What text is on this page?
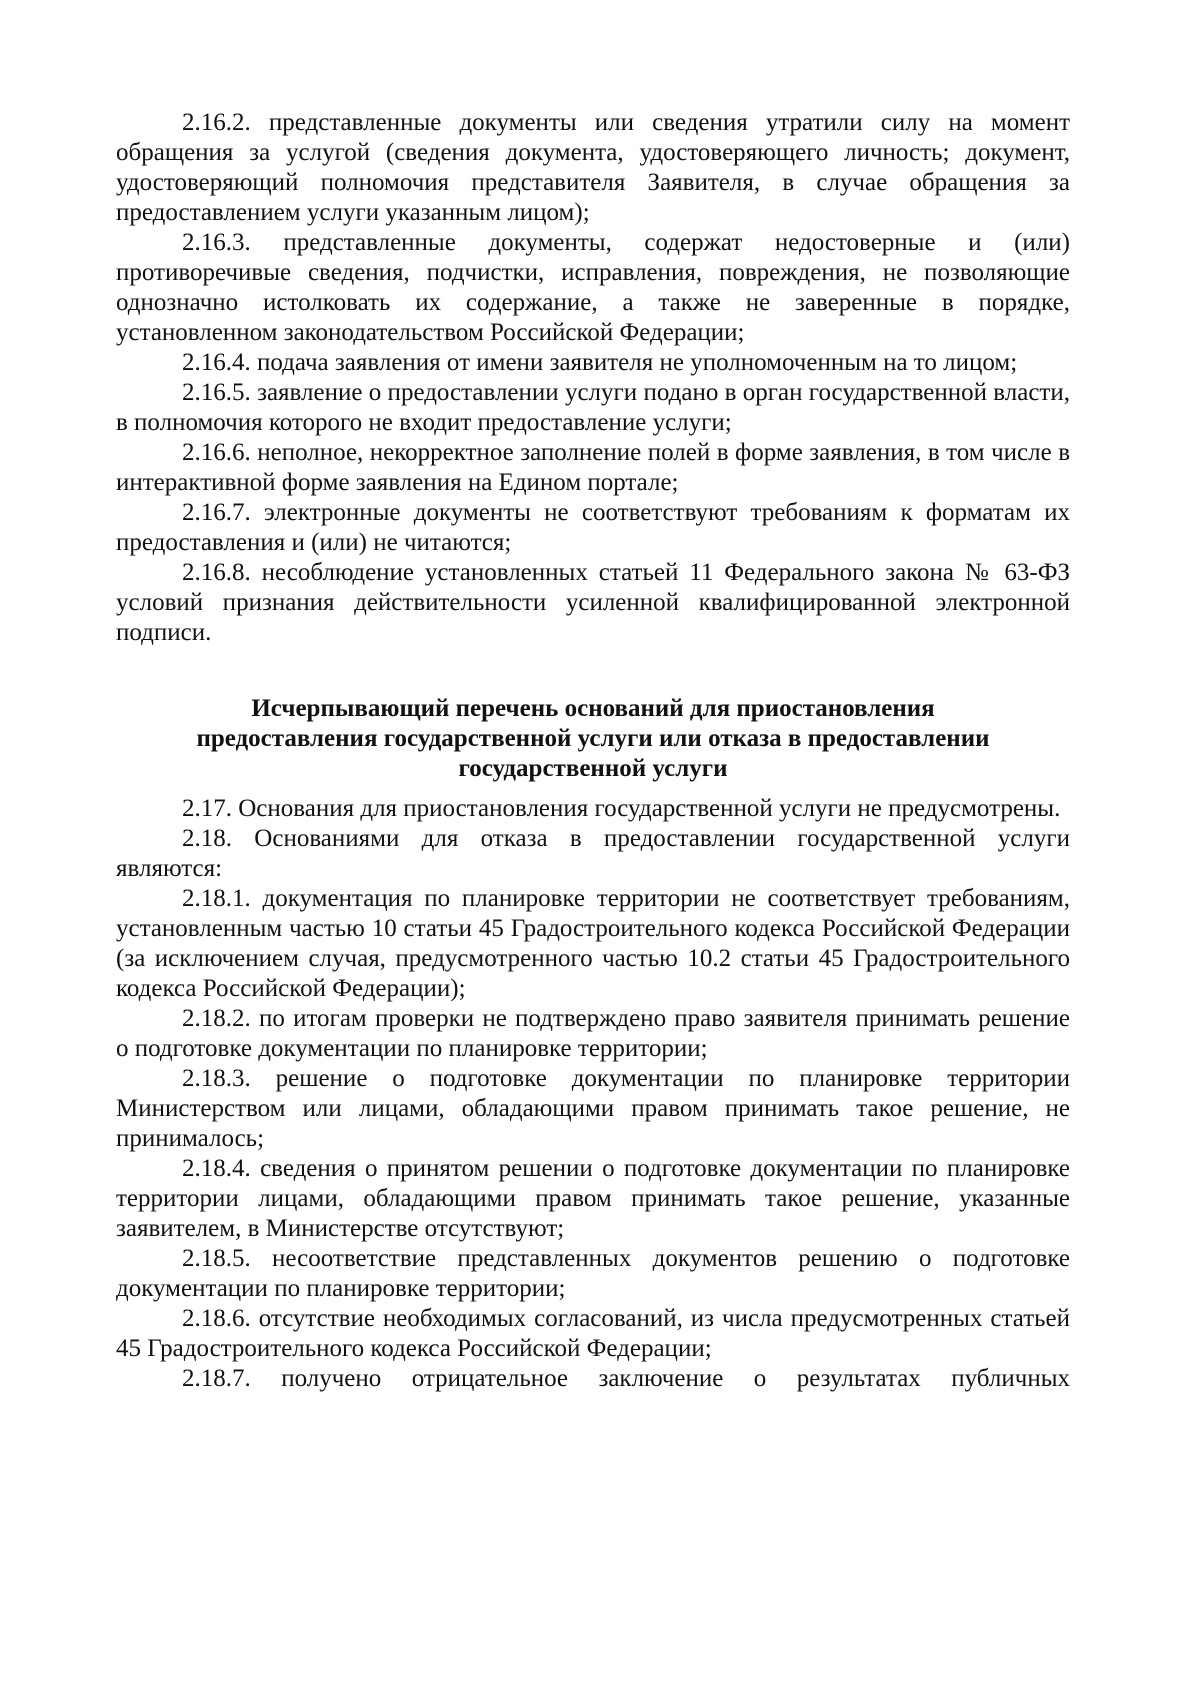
2.16.2. представленные документы или сведения утратили силу на момент обращения за услугой (сведения документа, удостоверяющего личность; документ, удостоверяющий полномочия представителя Заявителя, в случае обращения за предоставлением услуги указанным лицом);

2.16.3. представленные документы, содержат недостоверные и (или) противоречивые сведения, подчистки, исправления, повреждения, не позволяющие однозначно истолковать их содержание, а также не заверенные в порядке, установленном законодательством Российской Федерации;

2.16.4. подача заявления от имени заявителя не уполномоченным на то лицом;

2.16.5. заявление о предоставлении услуги подано в орган государственной власти, в полномочия которого не входит предоставление услуги;

2.16.6. неполное, некорректное заполнение полей в форме заявления, в том числе в интерактивной форме заявления на Едином портале;

2.16.7. электронные документы не соответствуют требованиям к форматам их предоставления и (или) не читаются;

2.16.8. несоблюдение установленных статьей 11 Федерального закона № 63-ФЗ условий признания действительности усиленной квалифицированной электронной подписи.

Исчерпывающий перечень оснований для приостановления
предоставления государственной услуги или отказа в предоставлении
государственной услуги

2.17. Основания для приостановления государственной услуги не предусмотрены.

2.18. Основаниями для отказа в предоставлении государственной услуги являются:

2.18.1. документация по планировке территории не соответствует требованиям, установленным частью 10 статьи 45 Градостроительного кодекса Российской Федерации (за исключением случая, предусмотренного частью 10.2 статьи 45 Градостроительного кодекса Российской Федерации);

2.18.2. по итогам проверки не подтверждено право заявителя принимать решение о подготовке документации по планировке территории;

2.18.3. решение о подготовке документации по планировке территории Министерством или лицами, обладающими правом принимать такое решение, не принималось;

2.18.4. сведения о принятом решении о подготовке документации по планировке территории лицами, обладающими правом принимать такое решение, указанные заявителем, в Министерстве отсутствуют;

2.18.5. несоответствие представленных документов решению о подготовке документации по планировке территории;

2.18.6. отсутствие необходимых согласований, из числа предусмотренных статьей 45 Градостроительного кодекса Российской Федерации;

2.18.7. получено отрицательное заключение о результатах публичных
